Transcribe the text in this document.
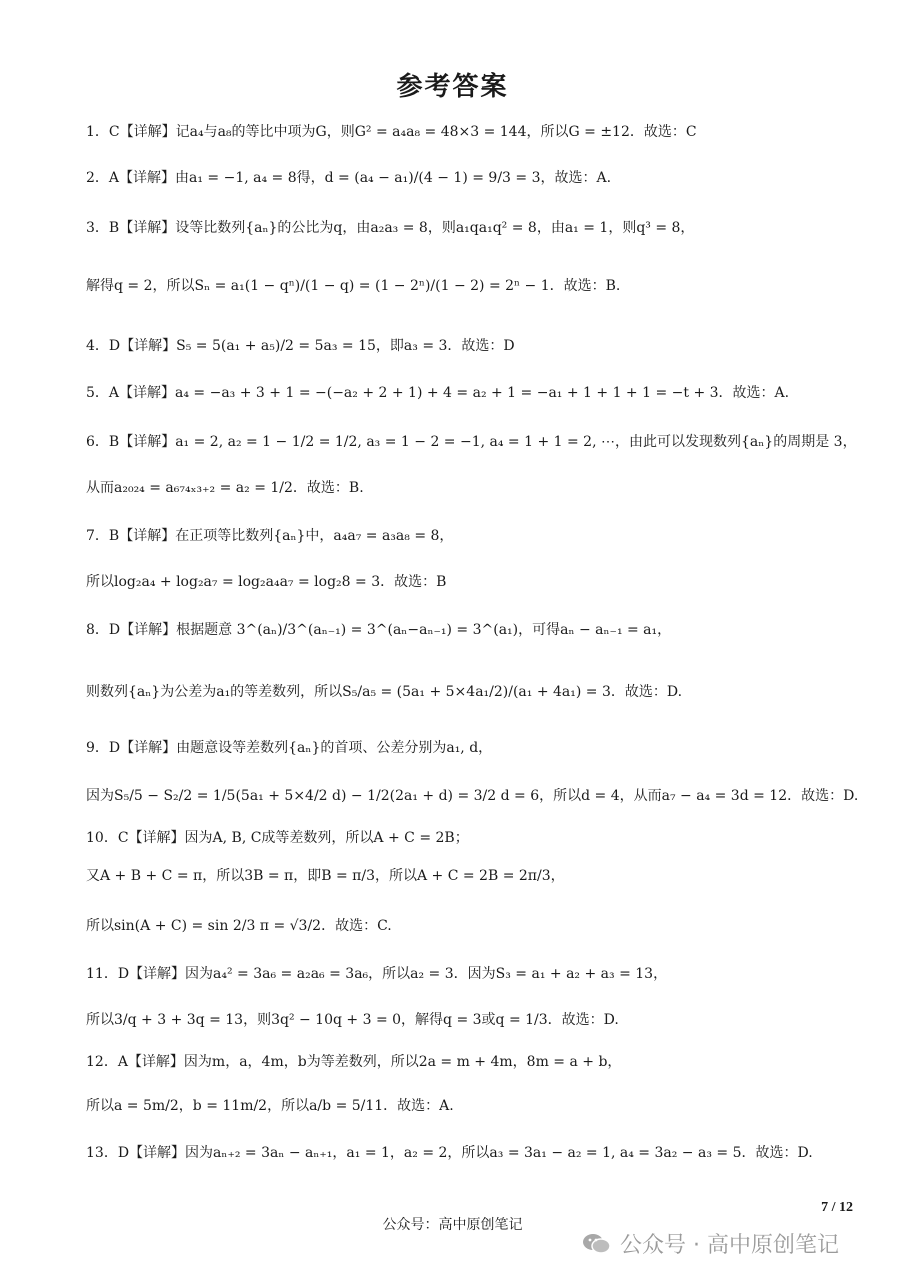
参考答案
1．C【详解】记a₄与a₈的等比中项为G，则G² = a₄a₈ = 48×3 = 144，所以G = ±12．故选：C
2．A【详解】由a₁ = −1, a₄ = 8得，d = (a₄ − a₁)/(4 − 1) = 9/3 = 3，故选：A.
3．B【详解】设等比数列{aₙ}的公比为q，由a₂a₃ = 8，则a₁qa₁q² = 8，由a₁ = 1，则q³ = 8，
解得q = 2，所以Sₙ = a₁(1 − qⁿ)/(1 − q) = (1 − 2ⁿ)/(1 − 2) = 2ⁿ − 1．故选：B.
4．D【详解】S₅ = 5(a₁ + a₅)/2 = 5a₃ = 15，即a₃ = 3．故选：D
5．A【详解】a₄ = −a₃ + 3 + 1 = −(−a₂ + 2 + 1) + 4 = a₂ + 1 = −a₁ + 1 + 1 + 1 = −t + 3．故选：A.
6．B【详解】a₁ = 2, a₂ = 1 − 1/2 = 1/2, a₃ = 1 − 2 = −1, a₄ = 1 + 1 = 2, ⋯，由此可以发现数列{aₙ}的周期是 3，
从而a₂₀₂₄ = a₆₇₄ₓ₃₊₂ = a₂ = 1/2．故选：B.
7．B【详解】在正项等比数列{aₙ}中，a₄a₇ = a₃a₈ = 8，
所以log₂a₄ + log₂a₇ = log₂a₄a₇ = log₂8 = 3．故选：B
8．D【详解】根据题意 3^(aₙ)/3^(aₙ₋₁) = 3^(aₙ−aₙ₋₁) = 3^(a₁)，可得aₙ − aₙ₋₁ = a₁，
则数列{aₙ}为公差为a₁的等差数列，所以S₅/a₅ = (5a₁ + 5×4a₁/2)/(a₁ + 4a₁) = 3．故选：D.
9．D【详解】由题意设等差数列{aₙ}的首项、公差分别为a₁, d，
因为S₅/5 − S₂/2 = 1/5(5a₁ + 5×4/2 d) − 1/2(2a₁ + d) = 3/2 d = 6，所以d = 4，从而a₇ − a₄ = 3d = 12．故选：D.
10．C【详解】因为A, B, C成等差数列，所以A + C = 2B；
又A + B + C = π，所以3B = π，即B = π/3，所以A + C = 2B = 2π/3，
所以sin(A + C) = sin 2/3 π = √3/2．故选：C.
11．D【详解】因为a₄² = 3a₆ = a₂a₆ = 3a₆，所以a₂ = 3．因为S₃ = a₁ + a₂ + a₃ = 13，
所以3/q + 3 + 3q = 13，则3q² − 10q + 3 = 0，解得q = 3或q = 1/3．故选：D.
12．A【详解】因为m，a，4m，b为等差数列，所以2a = m + 4m，8m = a + b，
所以a = 5m/2，b = 11m/2，所以a/b = 5/11．故选：A.
13．D【详解】因为aₙ₊₂ = 3aₙ − aₙ₊₁，a₁ = 1，a₂ = 2，所以a₃ = 3a₁ − a₂ = 1, a₄ = 3a₂ − a₃ = 5．故选：D.
7 / 12
公众号：高中原创笔记
公众号 · 高中原创笔记
